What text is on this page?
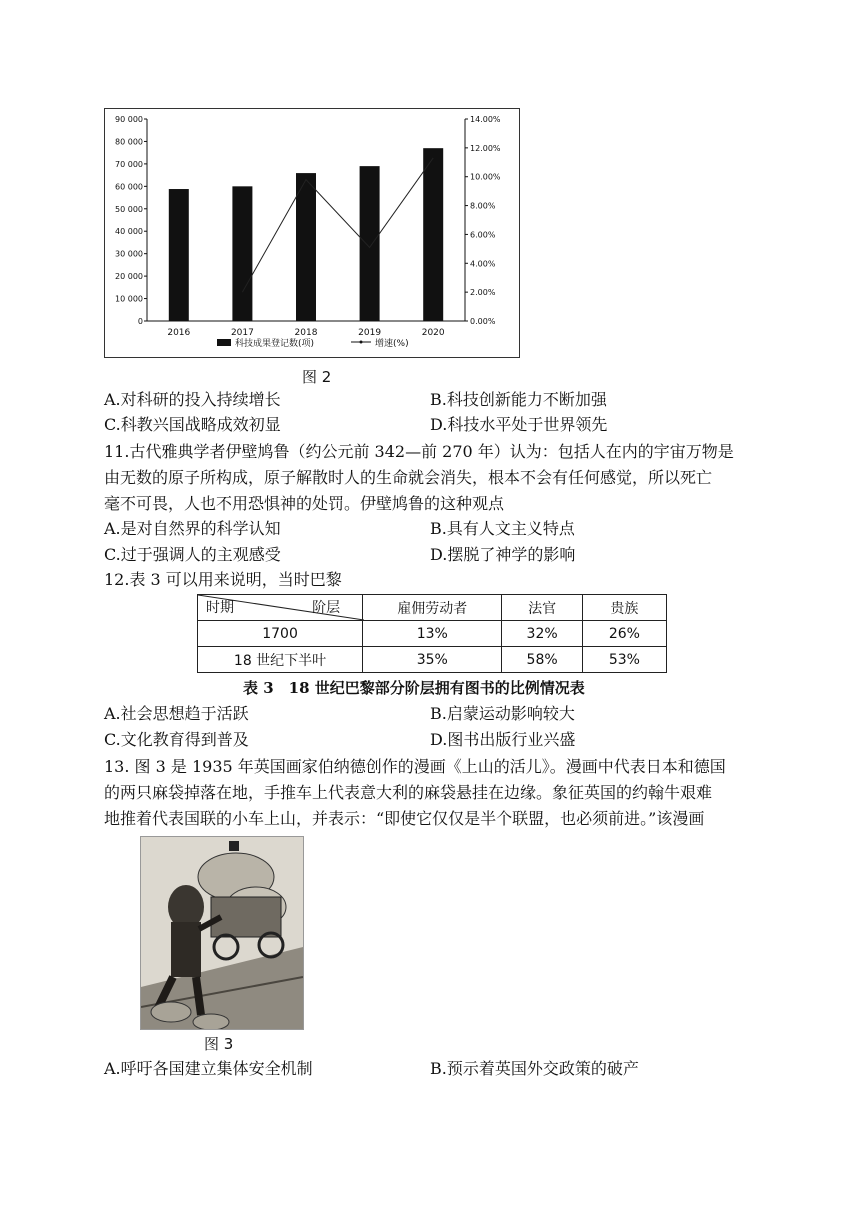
0
10 000
20 000
30 000
40 000
50 000
60 000
70 000
80 000
90 000
0.00%
2.00%
4.00%
6.00%
8.00%
10.00%
12.00%
14.00%
2016	2017	2018	2019	2020
科技成果登记数(项)	增速(%)
图 2
A.对科研的投入持续增长	B.科技创新能力不断加强
C.科教兴国战略成效初显	D.科技水平处于世界领先
11.古代雅典学者伊壁鸠鲁（约公元前 342—前 270 年）认为：包括人在内的宇宙万物是
由无数的原子所构成，原子解散时人的生命就会消失，根本不会有任何感觉，所以死亡
毫不可畏，人也不用恐惧神的处罚。伊壁鸠鲁的这种观点
A.是对自然界的科学认知	B.具有人文主义特点
C.过于强调人的主观感受	D.摆脱了神学的影响
12.表 3 可以用来说明，当时巴黎
时期 阶层	雇佣劳动者	法官	贵族
1700	13%	32%	26%
18 世纪下半叶	35%	58%	53%
表 3　18 世纪巴黎部分阶层拥有图书的比例情况表
A.社会思想趋于活跃	B.启蒙运动影响较大
C.文化教育得到普及	D.图书出版行业兴盛
13. 图 3 是 1935 年英国画家伯纳德创作的漫画《上山的活儿》。漫画中代表日本和德国
的两只麻袋掉落在地，手推车上代表意大利的麻袋悬挂在边缘。象征英国的约翰牛艰难
地推着代表国联的小车上山，并表示：“即使它仅仅是半个联盟，也必须前进。”该漫画
图 3
A.呼吁各国建立集体安全机制	B.预示着英国外交政策的破产
